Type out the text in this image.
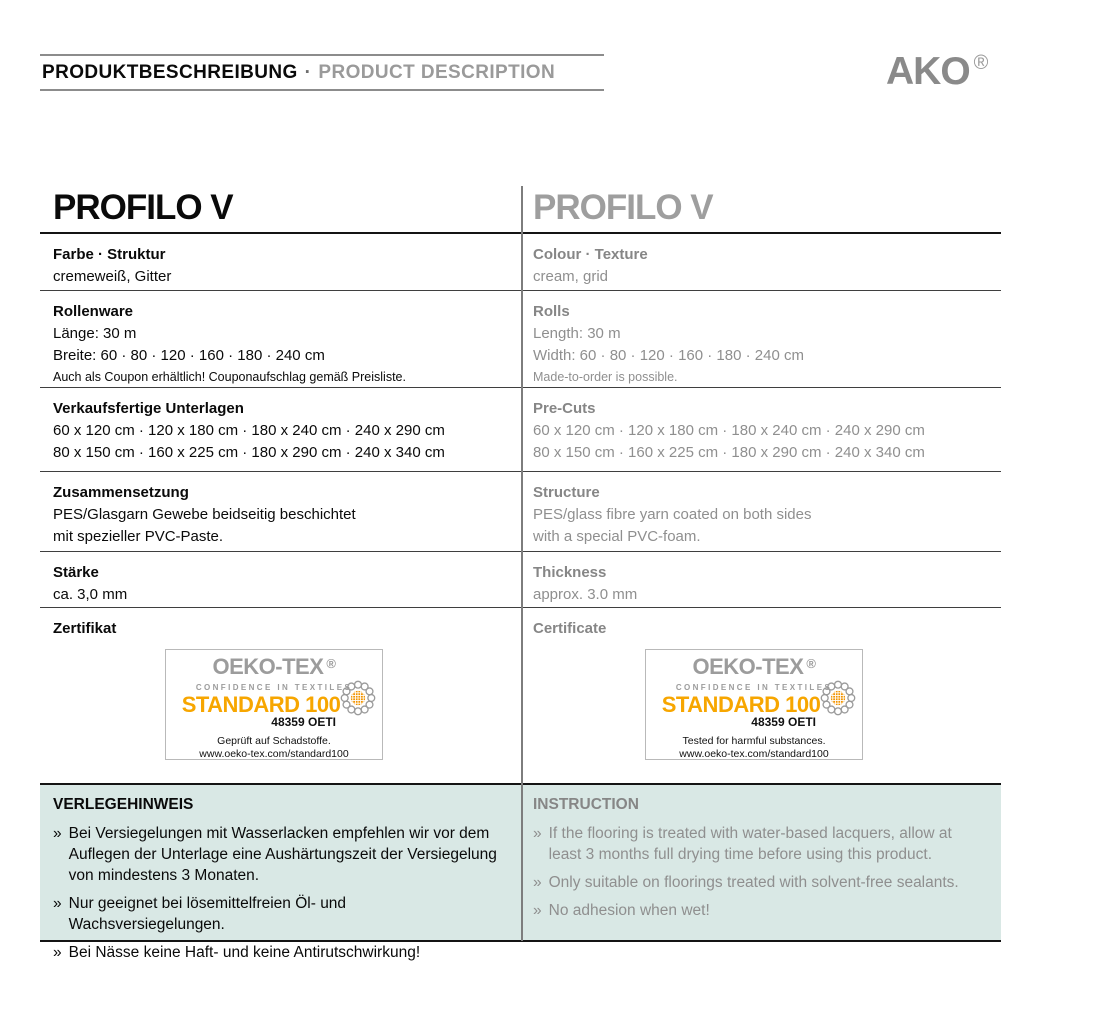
PRODUKTBESCHREIBUNG · PRODUCT DESCRIPTION	AKO ®
PROFILO V	PROFILO V
Farbe · Struktur
cremeweiß, Gitter
Colour · Texture
cream, grid
Rollenware
Länge: 30 m
Breite: 60 · 80 · 120 · 160 · 180 · 240 cm
Auch als Coupon erhältlich! Couponaufschlag gemäß Preisliste.
Rolls
Length: 30 m
Width: 60 · 80 · 120 · 160 · 180 · 240 cm
Made-to-order is possible.
Verkaufsfertige Unterlagen
60 x 120 cm · 120 x 180 cm · 180 x 240 cm · 240 x 290 cm
80 x 150 cm · 160 x 225 cm · 180 x 290 cm · 240 x 340 cm
Pre-Cuts
60 x 120 cm · 120 x 180 cm · 180 x 240 cm · 240 x 290 cm
80 x 150 cm · 160 x 225 cm · 180 x 290 cm · 240 x 340 cm
Zusammensetzung
PES/Glasgarn Gewebe beidseitig beschichtet
mit spezieller PVC-Paste.
Structure
PES/glass fibre yarn coated on both sides
with a special PVC-foam.
Stärke
ca. 3,0 mm
Thickness
approx. 3.0 mm
Zertifikat
OEKO-TEX ®
CONFIDENCE IN TEXTILES
STANDARD 100
48359 OETI
Geprüft auf Schadstoffe.
www.oeko-tex.com/standard100
Certificate
OEKO-TEX ®
CONFIDENCE IN TEXTILES
STANDARD 100
48359 OETI
Tested for harmful substances.
www.oeko-tex.com/standard100
VERLEGEHINWEIS
» Bei Versiegelungen mit Wasserlacken empfehlen wir vor dem Auflegen der Unterlage eine Aushärtungszeit der Versiegelung von mindestens 3 Monaten.
» Nur geeignet bei lösemittelfreien Öl- und Wachsversiegelungen.
» Bei Nässe keine Haft- und keine Antirutschwirkung!
INSTRUCTION
» If the flooring is treated with water-based lacquers, allow at least 3 months full drying time before using this product.
» Only suitable on floorings treated with solvent-free sealants.
» No adhesion when wet!
